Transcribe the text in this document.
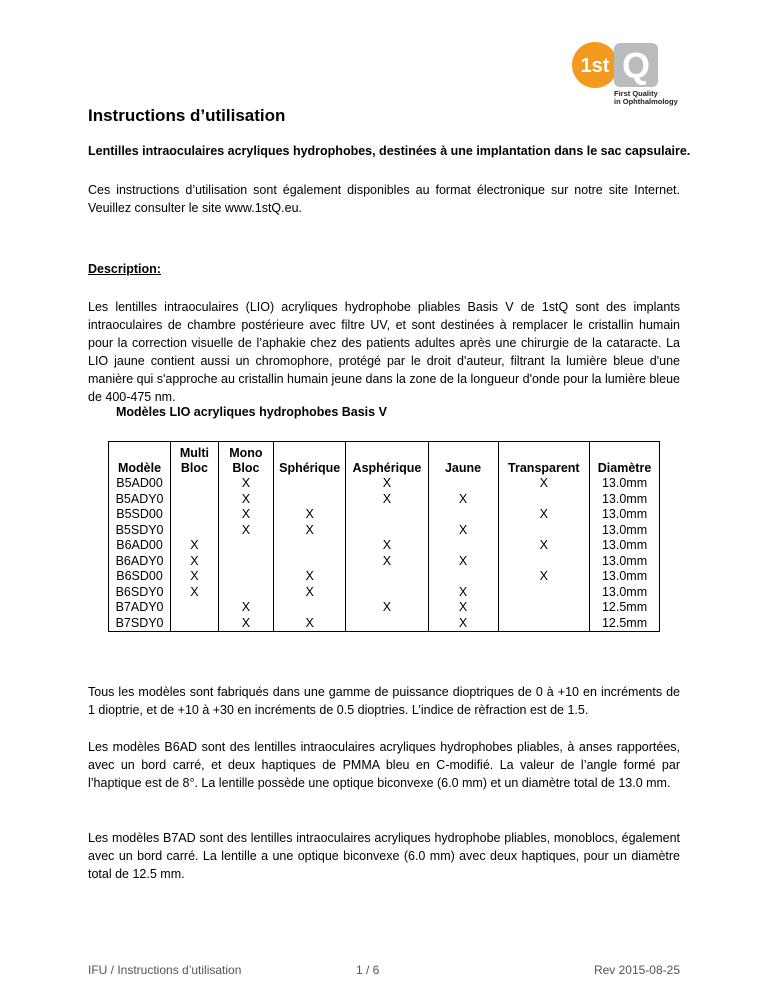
1st Q
First Quality
in Ophthalmology
Instructions d’utilisation

Lentilles intraoculaires acryliques hydrophobes, destinées à une implantation dans le sac capsulaire.

Ces instructions d’utilisation sont également disponibles au format électronique sur notre site Internet. Veuillez consulter le site www.1stQ.eu.

Description:

Les lentilles intraoculaires (LIO) acryliques hydrophobe pliables Basis V de 1stQ sont des implants intraoculaires de chambre postérieure avec filtre UV, et sont destinées à remplacer le cristallin humain pour la correction visuelle de l’aphakie chez des patients adultes après une chirurgie de la cataracte. La LIO jaune contient aussi un chromophore, protégé par le droit d'auteur, filtrant la lumière bleue d'une manière qui s'approche au cristallin humain jeune dans la zone de la longueur d'onde pour la lumière bleue de 400-475 nm.

Modèles LIO acryliques hydrophobes Basis V

Modèle	Multi Bloc	Mono Bloc	Sphérique	Asphérique	Jaune	Transparent	Diamètre
B5AD00		X		X		X	13.0mm
B5ADY0		X		X	X		13.0mm
B5SD00		X	X			X	13.0mm
B5SDY0		X	X		X		13.0mm
B6AD00	X			X		X	13.0mm
B6ADY0	X			X	X		13.0mm
B6SD00	X		X			X	13.0mm
B6SDY0	X		X		X		13.0mm
B7ADY0		X		X	X		12.5mm
B7SDY0		X	X		X		12.5mm

Tous les modèles sont fabriqués dans une gamme de puissance dioptriques de 0 à +10 en incréments de 1 dioptrie, et de +10 à +30 en incréments de 0.5 dioptries. L’indice de rèfraction est de 1.5.

Les modèles B6AD sont des lentilles intraoculaires acryliques hydrophobes pliables, à anses rapportées, avec un bord carré, et deux haptiques de PMMA bleu en C-modifié. La valeur de l’angle formé par l’haptique est de 8°. La lentille possède une optique biconvexe (6.0 mm) et un diamètre total de 13.0 mm.

Les modèles B7AD sont des lentilles intraoculaires acryliques hydrophobe pliables, monoblocs, également avec un bord carré. La lentille a une optique biconvexe (6.0 mm) avec deux haptiques, pour un diamètre total de 12.5 mm.

IFU / Instructions d’utilisation	1 / 6	Rev 2015-08-25
